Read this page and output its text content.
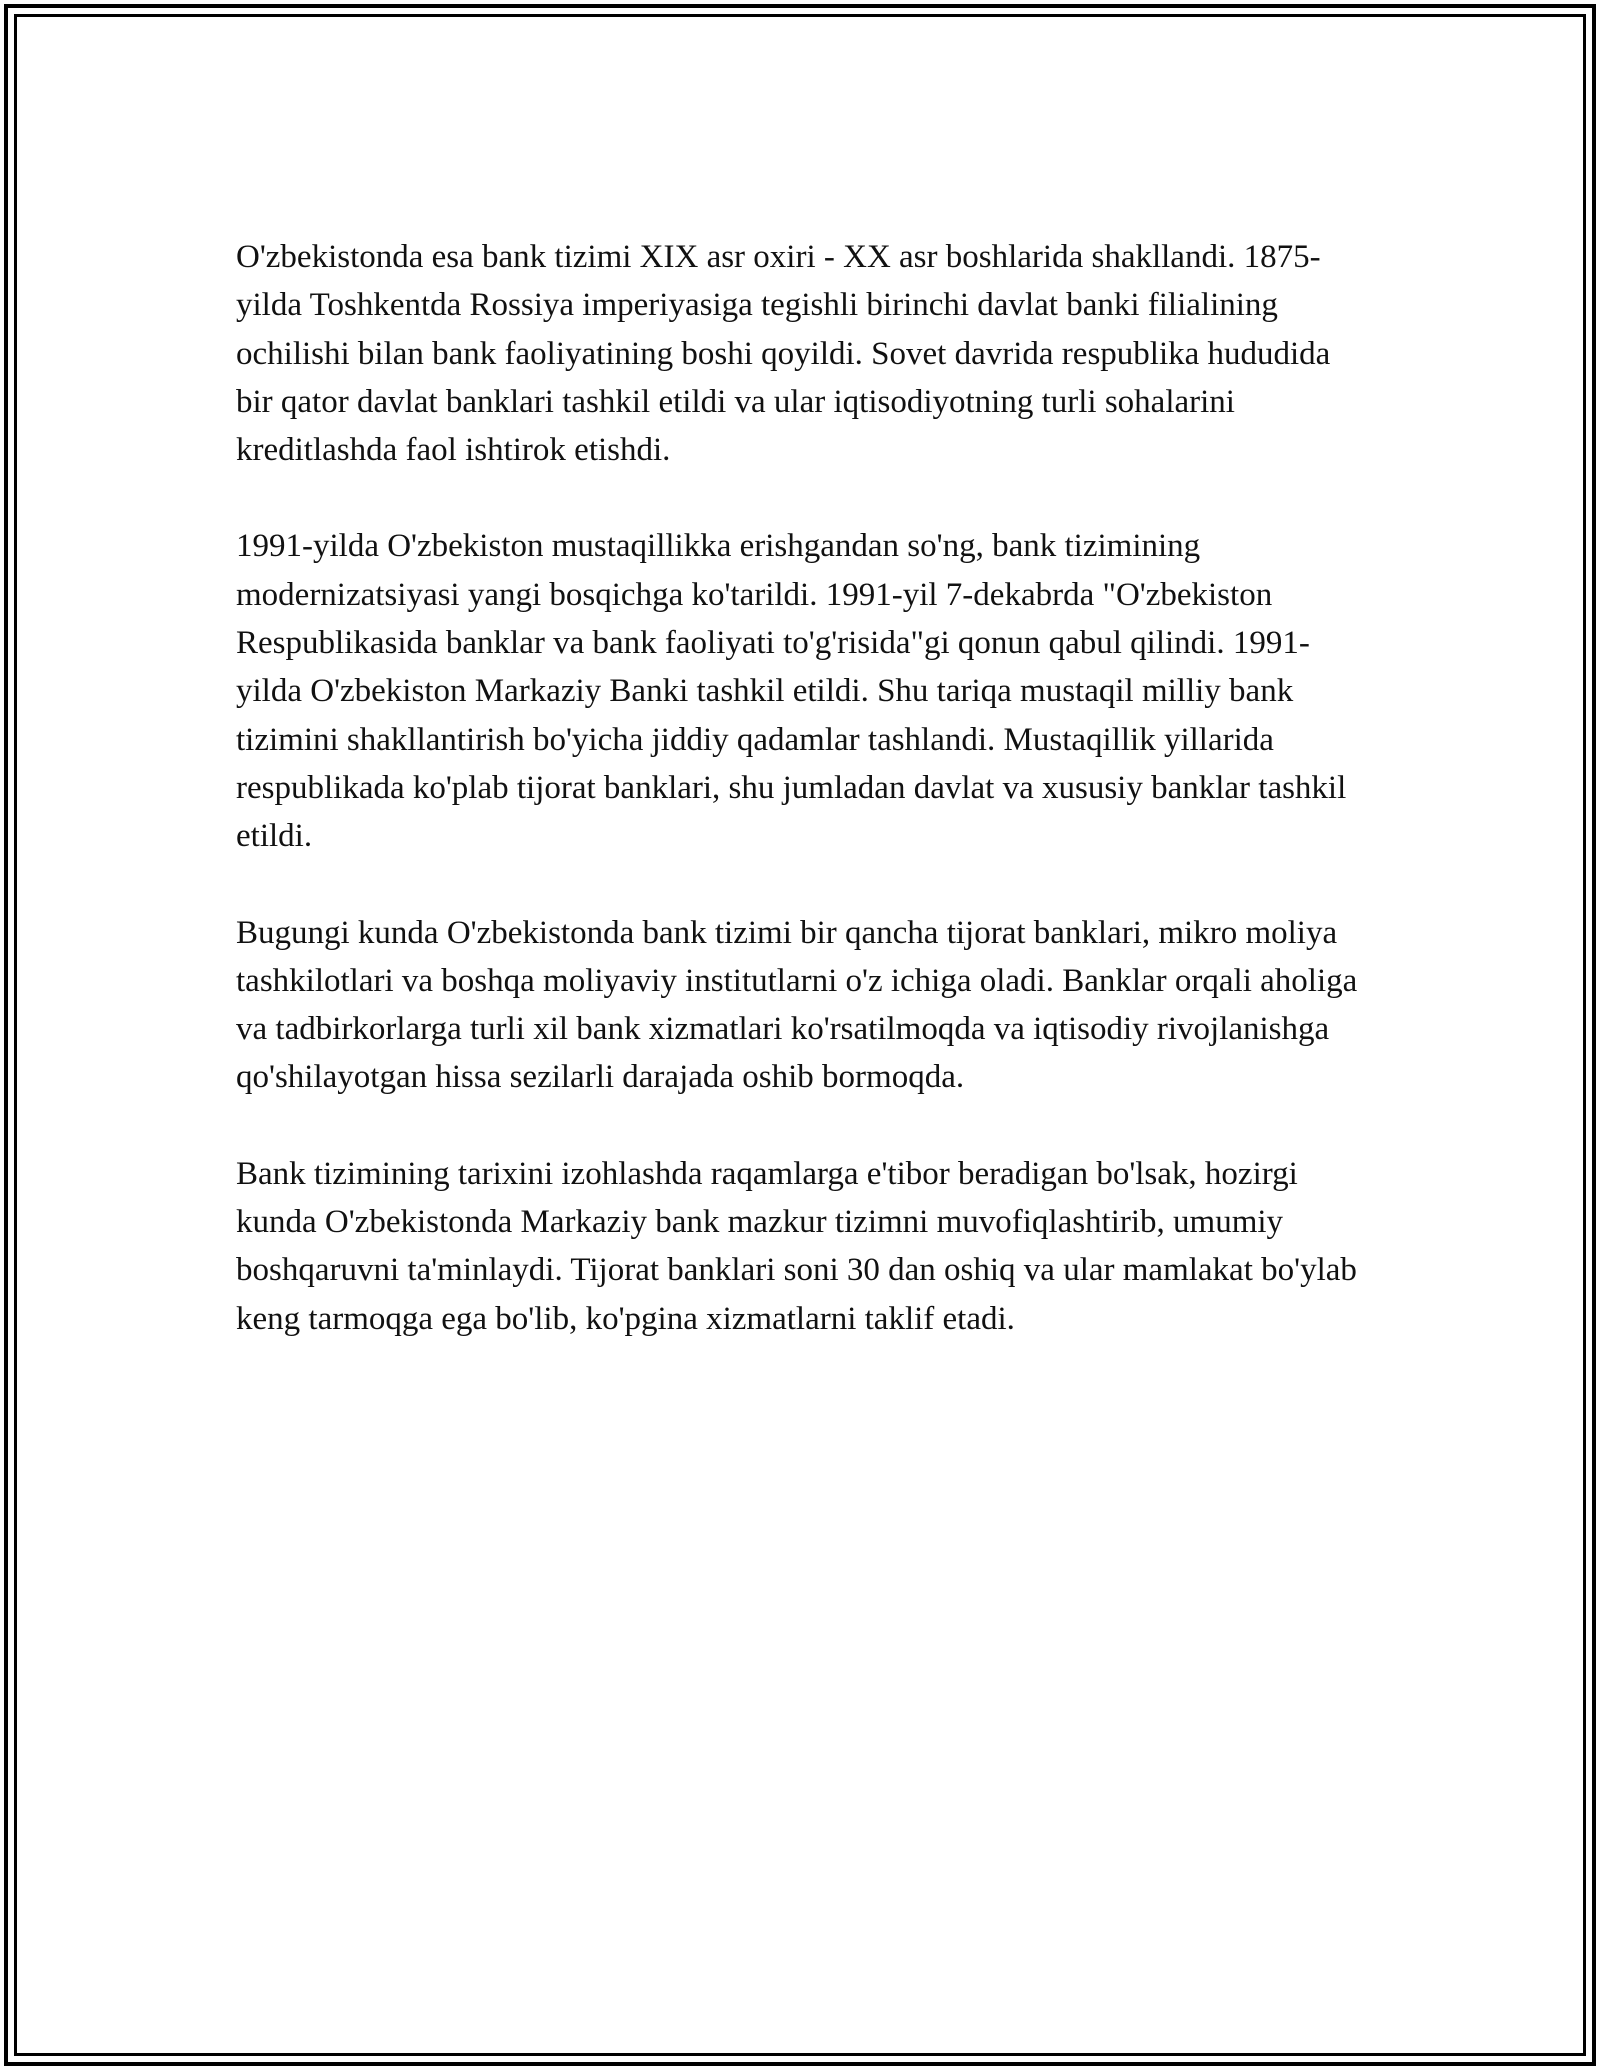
O'zbekistonda esa bank tizimi XIX asr oxiri - XX asr boshlarida shakllandi. 1875-yilda Toshkentda Rossiya imperiyasiga tegishli birinchi davlat banki filialining ochilishi bilan bank faoliyatining boshi qoyildi. Sovet davrida respublika hududida bir qator davlat banklari tashkil etildi va ular iqtisodiyotning turli sohalarini kreditlashda faol ishtirok etishdi.

1991-yilda O'zbekiston mustaqillikka erishgandan so'ng, bank tizimining modernizatsiyasi yangi bosqichga ko'tarildi. 1991-yil 7-dekabrda "O'zbekiston Respublikasida banklar va bank faoliyati to'g'risida"gi qonun qabul qilindi. 1991-yilda O'zbekiston Markaziy Banki tashkil etildi. Shu tariqa mustaqil milliy bank tizimini shakllantirish bo'yicha jiddiy qadamlar tashlandi. Mustaqillik yillarida respublikada ko'plab tijorat banklari, shu jumladan davlat va xususiy banklar tashkil etildi.

Bugungi kunda O'zbekistonda bank tizimi bir qancha tijorat banklari, mikro moliya tashkilotlari va boshqa moliyaviy institutlarni o'z ichiga oladi. Banklar orqali aholiga va tadbirkorlarga turli xil bank xizmatlari ko'rsatilmoqda va iqtisodiy rivojlanishga qo'shilayotgan hissa sezilarli darajada oshib bormoqda.

Bank tizimining tarixini izohlashda raqamlarga e'tibor beradigan bo'lsak, hozirgi kunda O'zbekistonda Markaziy bank mazkur tizimni muvofiqlashtirib, umumiy boshqaruvni ta'minlaydi. Tijorat banklari soni 30 dan oshiq va ular mamlakat bo'ylab keng tarmoqga ega bo'lib, ko'pgina xizmatlarni taklif etadi.
